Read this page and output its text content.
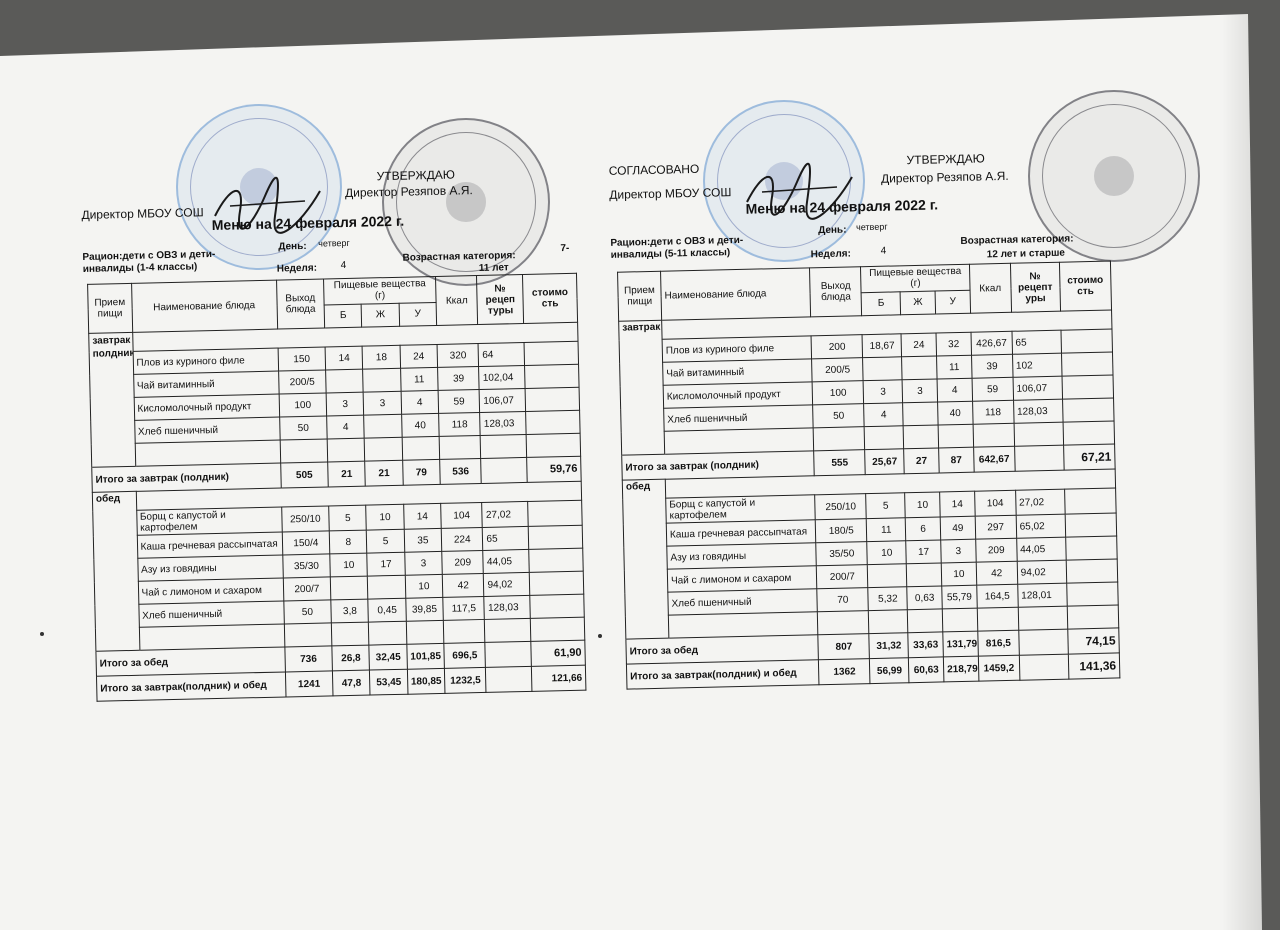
Директор МБОУ СОШ
УТВЕРЖДАЮ
Директор Резяпов А.Я.
Меню на 24 февраля 2022 г.
Рацион:дети с ОВЗ и дети-инвалиды (1-4 классы)
День: четверг
Неделя: 4
Возрастная категория:
7-
11 лет
Прием пищи	Наименование блюда	Выход блюда	Пищевые вещества (г)			Ккал	№ рецеп туры	стоимо сть
			Б	Ж	У			
завтрак
полдник								
	Плов из куриного филе	150	14	18	24	320	64	
	Чай витаминный	200/5			11	39	102,04	
	Кисломолочный продукт	100	3	3	4	59	106,07	
	Хлеб пшеничный	50	4		40	118	128,03	

Итого за завтрак (полдник)		505	21	21	79	536		59,76
обед								
	Борщ с капустой и картофелем	250/10	5	10	14	104	27,02	
	Каша гречневая рассыпчатая	150/4	8	5	35	224	65	
	Азу из говядины	35/30	10	17	3	209	44,05	
	Чай с лимоном и сахаром	200/7			10	42	94,02	
	Хлеб пшеничный	50	3,8	0,45	39,85	117,5	128,03	

Итого за обед		736	26,8	32,45	101,85	696,5		61,90
Итого за завтрак(полдник) и обед		1241	47,8	53,45	180,85	1232,5		121,66
СОГЛАСОВАНО
Директор МБОУ СОШ
УТВЕРЖДАЮ
Директор Резяпов А.Я.
Меню на 24 февраля 2022 г.
Рацион:дети с ОВЗ и дети-инвалиды (5-11 классы)
День: четверг
Неделя:	4
Возрастная категория:
12 лет и старше
Прием пищи	Наименование блюда	Выход блюда	Пищевые вещества (г)			Ккал	№ рецепт уры	стоимо сть
			Б	Ж	У			
завтрак								
	Плов из куриного филе	200	18,67	24	32	426,67	65	
	Чай витаминный	200/5			11	39	102	
	Кисломолочный продукт	100	3	3	4	59	106,07	
	Хлеб пшеничный	50	4		40	118	128,03	

Итого за завтрак (полдник)		555	25,67	27	87	642,67		67,21
обед								
	Борщ с капустой и картофелем	250/10	5	10	14	104	27,02	
	Каша гречневая рассыпчатая	180/5	11	6	49	297	65,02	
	Азу из говядины	35/50	10	17	3	209	44,05	
	Чай с лимоном и сахаром	200/7			10	42	94,02	
	Хлеб пшеничный	70	5,32	0,63	55,79	164,5	128,01	

Итого за обед		807	31,32	33,63	131,79	816,5		74,15
Итого за завтрак(полдник) и обед		1362	56,99	60,63	218,79	1459,2		141,36
